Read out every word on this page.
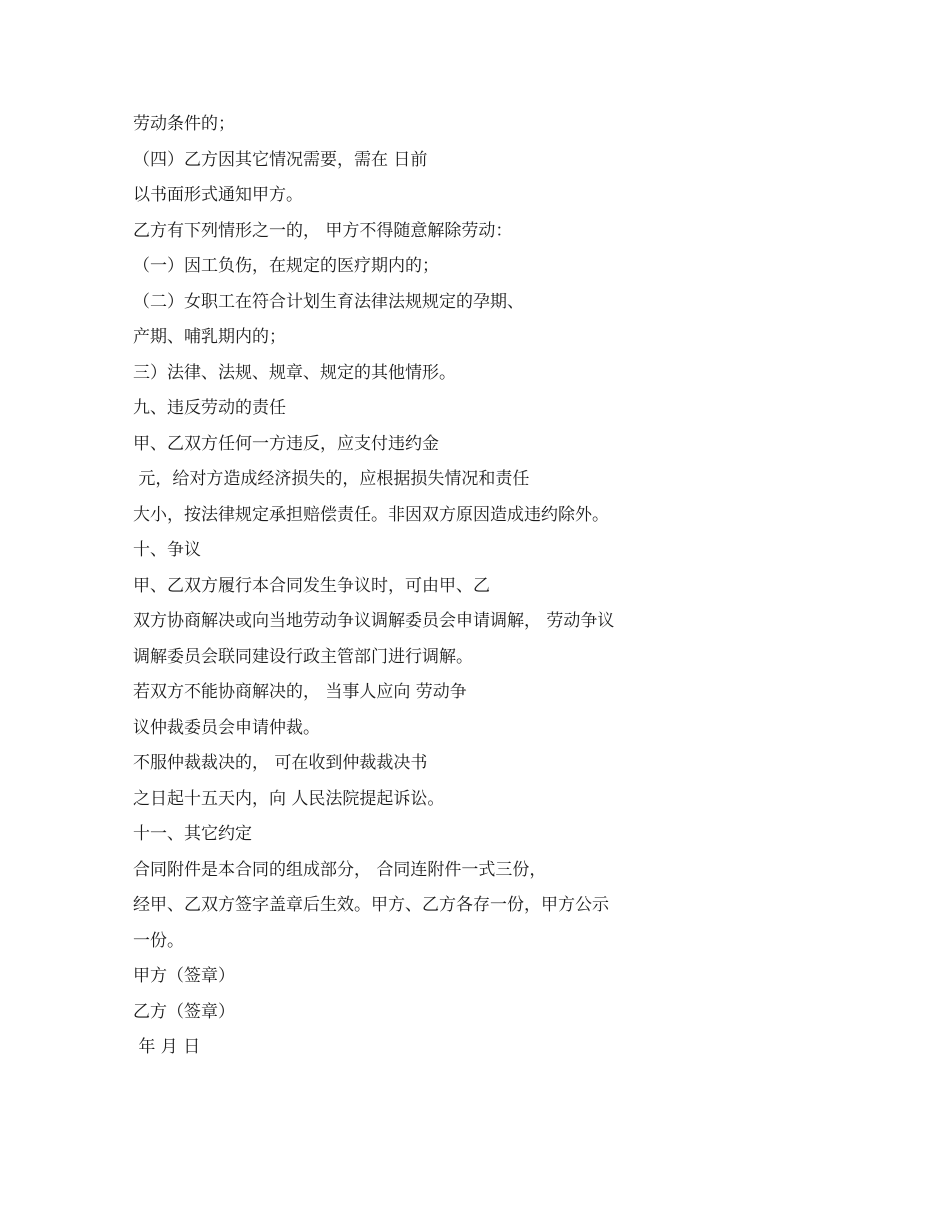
劳动条件的；

（四）乙方因其它情况需要，需在 日前

以书面形式通知甲方。

乙方有下列情形之一的， 甲方不得随意解除劳动：

（一）因工负伤，在规定的医疗期内的；

（二）女职工在符合计划生育法律法规规定的孕期、

产期、哺乳期内的；

三）法律、法规、规章、规定的其他情形。

九、违反劳动的责任

甲、乙双方任何一方违反，应支付违约金

元，给对方造成经济损失的，应根据损失情况和责任

大小，按法律规定承担赔偿责任。非因双方原因造成违约除外。

十、争议

甲、乙双方履行本合同发生争议时，可由甲、乙

双方协商解决或向当地劳动争议调解委员会申请调解， 劳动争议

调解委员会联同建设行政主管部门进行调解。

若双方不能协商解决的， 当事人应向 劳动争

议仲裁委员会申请仲裁。

不服仲裁裁决的， 可在收到仲裁裁决书

之日起十五天内，向 人民法院提起诉讼。

十一、其它约定

合同附件是本合同的组成部分， 合同连附件一式三份，

经甲、乙双方签字盖章后生效。甲方、乙方各存一份，甲方公示

一份。

甲方（签章）

乙方（签章）

年 月 日
